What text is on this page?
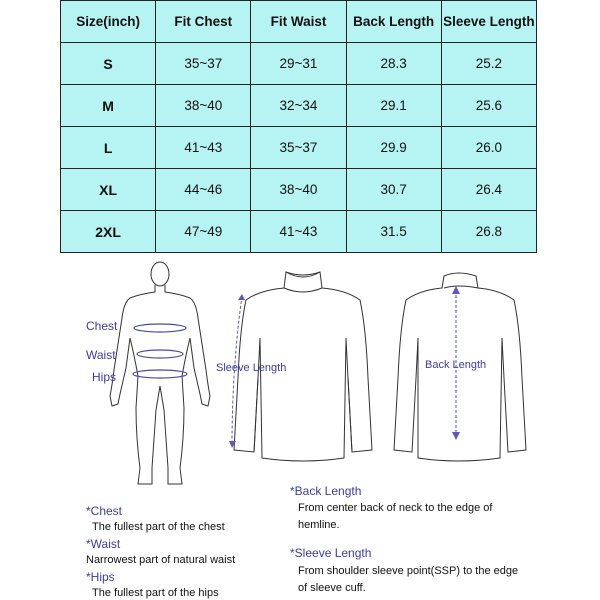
Size(inch)	Fit Chest	Fit Waist	Back Length	Sleeve Length
S	35~37	29~31	28.3	25.2
M	38~40	32~34	29.1	25.6
L	41~43	35~37	29.9	26.0
XL	44~46	38~40	30.7	26.4
2XL	47~49	41~43	31.5	26.8
Chest
Waist
Hips
Sleeve Length	Back Length
*Chest
The fullest part of the chest
*Waist
Narrowest part of natural waist
*Hips
The fullest part of the hips
*Back Length
From center back of neck to the edge of
hemline.
*Sleeve Length
From shoulder sleeve point(SSP) to the edge
of sleeve cuff.
